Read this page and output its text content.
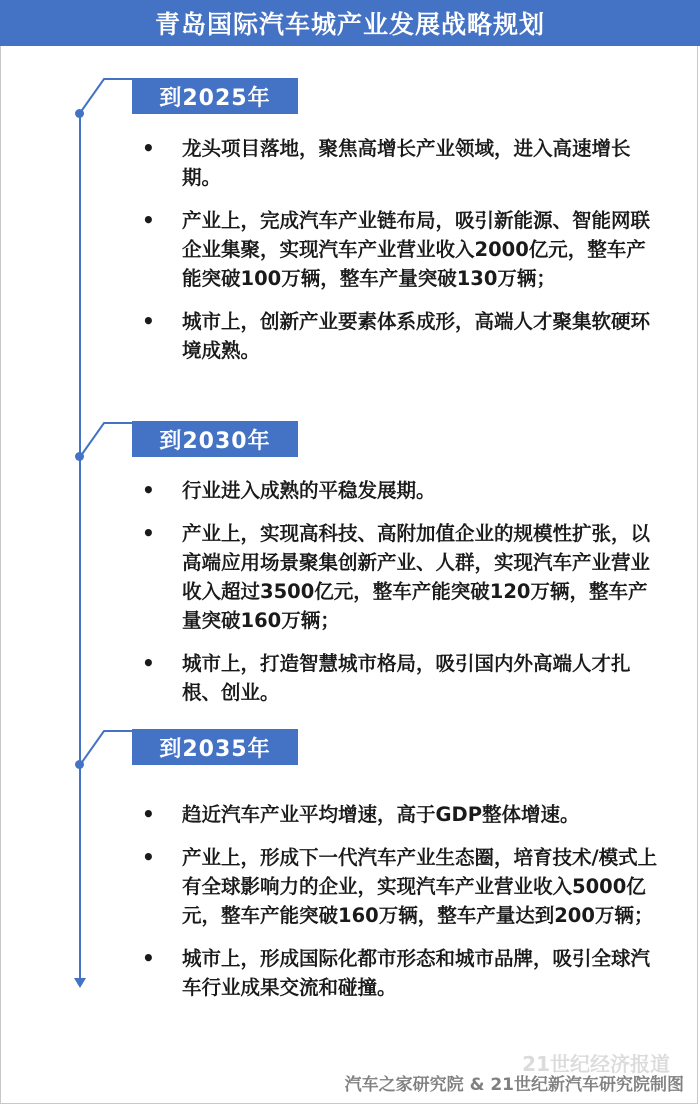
青岛国际汽车城产业发展战略规划
到2025年
• 龙头项目落地，聚焦高增长产业领域，进入高速增长期。
• 产业上，完成汽车产业链布局，吸引新能源、智能网联企业集聚，实现汽车产业营业收入2000亿元，整车产能突破100万辆，整车产量突破130万辆；
• 城市上，创新产业要素体系成形，高端人才聚集软硬环境成熟。
到2030年
• 行业进入成熟的平稳发展期。
• 产业上，实现高科技、高附加值企业的规模性扩张，以高端应用场景聚集创新产业、人群，实现汽车产业营业收入超过3500亿元，整车产能突破120万辆，整车产量突破160万辆；
• 城市上，打造智慧城市格局，吸引国内外高端人才扎根、创业。
到2035年
• 趋近汽车产业平均增速，高于GDP整体增速。
• 产业上，形成下一代汽车产业生态圈，培育技术/模式上有全球影响力的企业，实现汽车产业营业收入5000亿元，整车产能突破160万辆，整车产量达到200万辆；
• 城市上，形成国际化都市形态和城市品牌，吸引全球汽车行业成果交流和碰撞。
21世纪经济报道
汽车之家研究院 & 21世纪新汽车研究院制图
